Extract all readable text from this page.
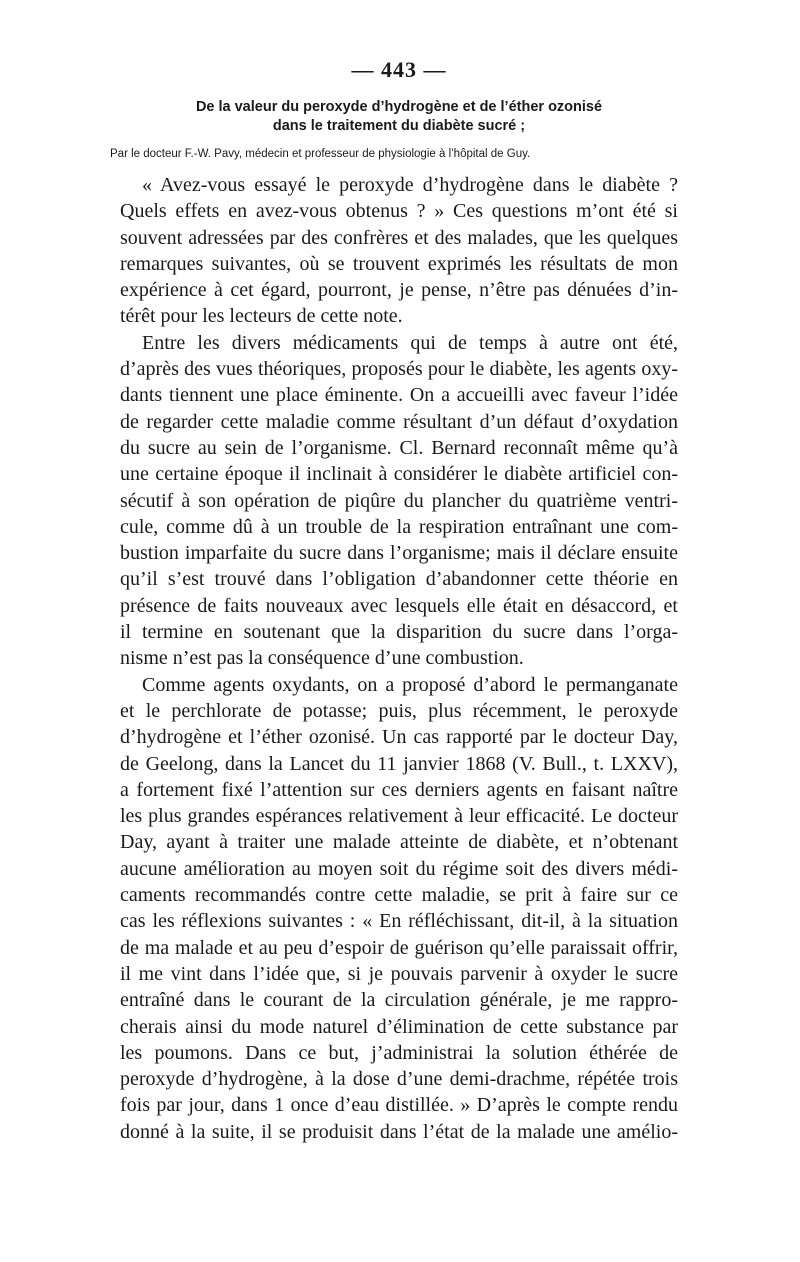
— 443 —
De la valeur du peroxyde d’hydrogène et de l’éther ozonisé
dans le traitement du diabète sucré ;
Par le docteur F.-W. Pavy, médecin et professeur de physiologie à l’hôpital de Guy.

« Avez-vous essayé le peroxyde d’hydrogène dans le diabète ?
Quels effets en avez-vous obtenus ? » Ces questions m’ont été si
souvent adressées par des confrères et des malades, que les quelques
remarques suivantes, où se trouvent exprimés les résultats de mon
expérience à cet égard, pourront, je pense, n’être pas dénuées d’in-
térêt pour les lecteurs de cette note.

Entre les divers médicaments qui de temps à autre ont été,
d’après des vues théoriques, proposés pour le diabète, les agents oxy-
dants tiennent une place éminente. On a accueilli avec faveur l’idée
de regarder cette maladie comme résultant d’un défaut d’oxydation
du sucre au sein de l’organisme. Cl. Bernard reconnaît même qu’à
une certaine époque il inclinait à considérer le diabète artificiel con-
sécutif à son opération de piqûre du plancher du quatrième ventri-
cule, comme dû à un trouble de la respiration entraînant une com-
bustion imparfaite du sucre dans l’organisme; mais il déclare ensuite
qu’il s’est trouvé dans l’obligation d’abandonner cette théorie en
présence de faits nouveaux avec lesquels elle était en désaccord, et
il termine en soutenant que la disparition du sucre dans l’orga-
nisme n’est pas la conséquence d’une combustion.

Comme agents oxydants, on a proposé d’abord le permanganate
et le perchlorate de potasse; puis, plus récemment, le peroxyde
d’hydrogène et l’éther ozonisé. Un cas rapporté par le docteur Day,
de Geelong, dans la Lancet du 11 janvier 1868 (V. Bull., t. LXXV),
a fortement fixé l’attention sur ces derniers agents en faisant naître
les plus grandes espérances relativement à leur efficacité. Le docteur
Day, ayant à traiter une malade atteinte de diabète, et n’obtenant
aucune amélioration au moyen soit du régime soit des divers médi-
caments recommandés contre cette maladie, se prit à faire sur ce
cas les réflexions suivantes : « En réfléchissant, dit-il, à la situation
de ma malade et au peu d’espoir de guérison qu’elle paraissait offrir,
il me vint dans l’idée que, si je pouvais parvenir à oxyder le sucre
entraîné dans le courant de la circulation générale, je me rappro-
cherais ainsi du mode naturel d’élimination de cette substance par
les poumons. Dans ce but, j’administrai la solution éthérée de
peroxyde d’hydrogène, à la dose d’une demi-drachme, répétée trois
fois par jour, dans 1 once d’eau distillée. » D’après le compte rendu
donné à la suite, il se produisit dans l’état de la malade une amélio-
